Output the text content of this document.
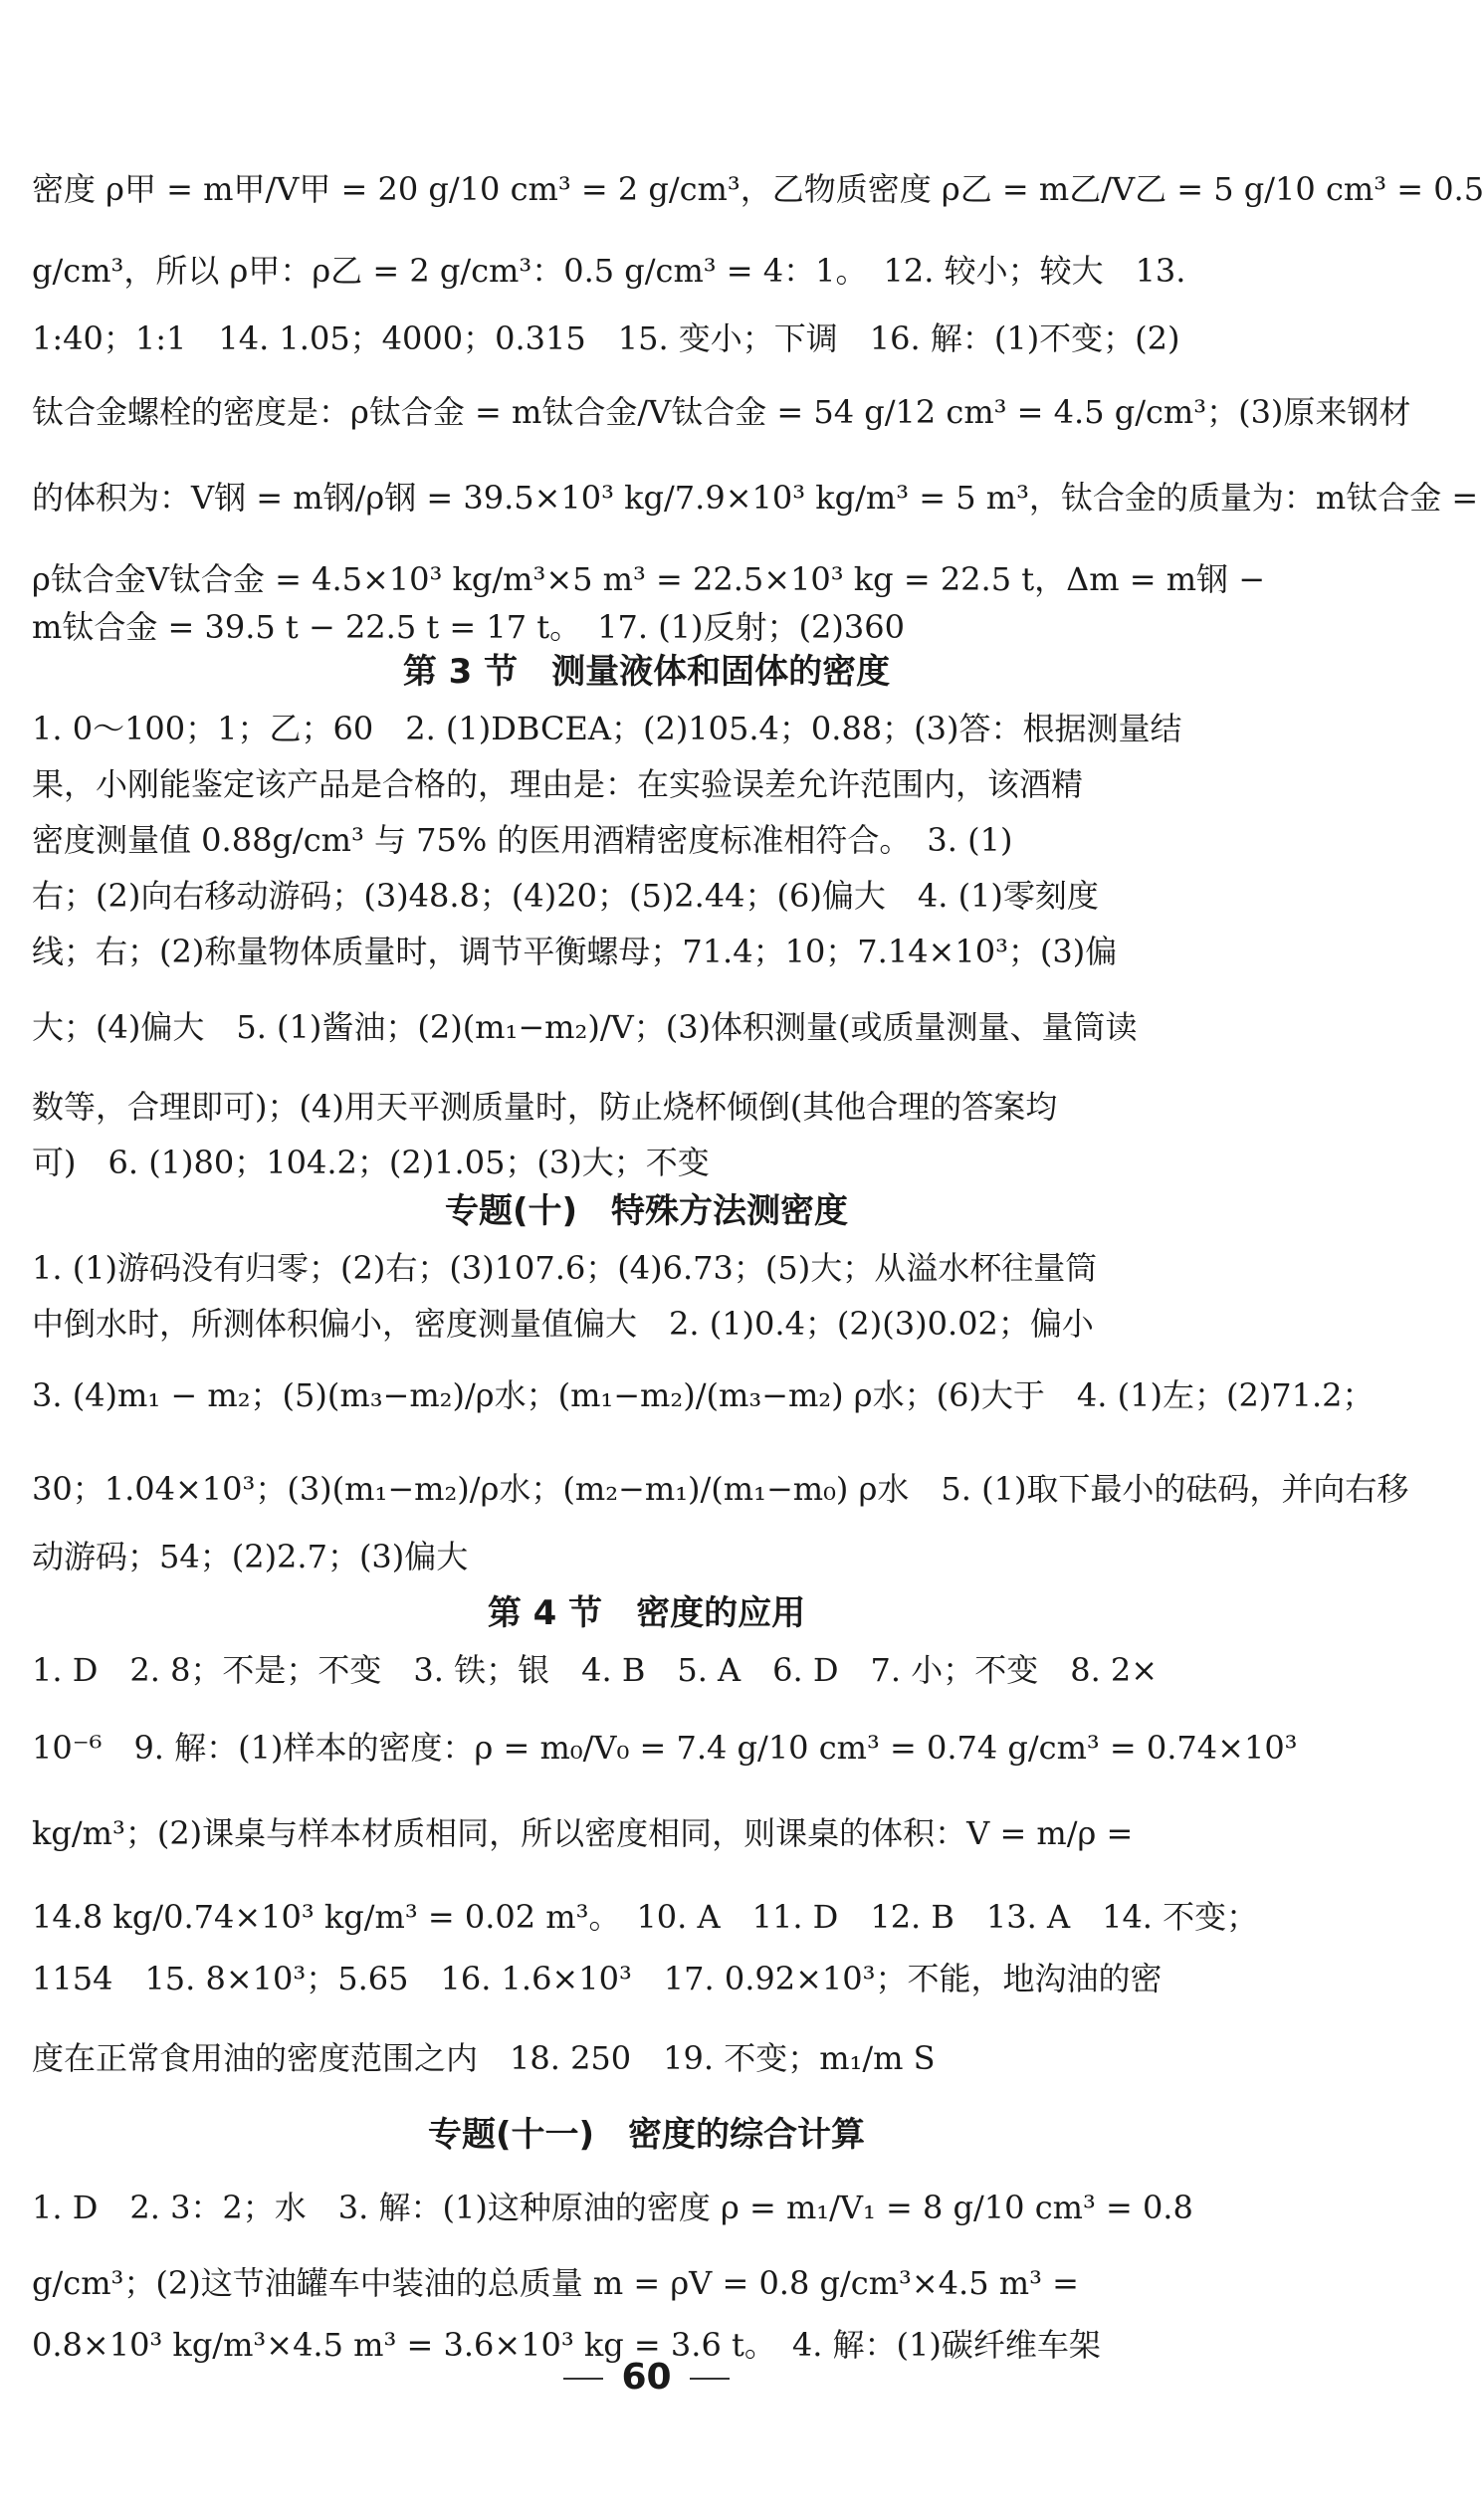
密度 ρ甲 = m甲/V甲 = 20 g/10 cm³ = 2 g/cm³，乙物质密度 ρ乙 = m乙/V乙 = 5 g/10 cm³ = 0.5
g/cm³，所以 ρ甲：ρ乙 = 2 g/cm³：0.5 g/cm³ = 4：1。　12. 较小；较大　13.
1:40；1:1　14. 1.05；4000；0.315　15. 变小；下调　16. 解：(1)不变；(2)
钛合金螺栓的密度是：ρ钛合金 = m钛合金/V钛合金 = 54 g/12 cm³ = 4.5 g/cm³；(3)原来钢材
的体积为：V钢 = m钢/ρ钢 = 39.5×10³ kg/7.9×10³ kg/m³ = 5 m³，钛合金的质量为：m钛合金 =
ρ钛合金V钛合金 = 4.5×10³ kg/m³×5 m³ = 22.5×10³ kg = 22.5 t，Δm = m钢 −
m钛合金 = 39.5 t − 22.5 t = 17 t。　17. (1)反射；(2)360
第 3 节　测量液体和固体的密度
1. 0～100；1；乙；60　2. (1)DBCEA；(2)105.4；0.88；(3)答：根据测量结
果，小刚能鉴定该产品是合格的，理由是：在实验误差允许范围内，该酒精
密度测量值 0.88g/cm³ 与 75% 的医用酒精密度标准相符合。　3. (1)
右；(2)向右移动游码；(3)48.8；(4)20；(5)2.44；(6)偏大　4. (1)零刻度
线；右；(2)称量物体质量时，调节平衡螺母；71.4；10；7.14×10³；(3)偏
大；(4)偏大　5. (1)酱油；(2)(m₁−m₂)/V；(3)体积测量(或质量测量、量筒读
数等，合理即可)；(4)用天平测质量时，防止烧杯倾倒(其他合理的答案均
可)　6. (1)80；104.2；(2)1.05；(3)大；不变
专题(十)　特殊方法测密度
1. (1)游码没有归零；(2)右；(3)107.6；(4)6.73；(5)大；从溢水杯往量筒
中倒水时，所测体积偏小，密度测量值偏大　2. (1)0.4；(2)(3)0.02；偏小
3. (4)m₁ − m₂；(5)(m₃−m₂)/ρ水；(m₁−m₂)/(m₃−m₂) ρ水；(6)大于　4. (1)左；(2)71.2；
30；1.04×10³；(3)(m₁−m₂)/ρ水；(m₂−m₁)/(m₁−m₀) ρ水　5. (1)取下最小的砝码，并向右移
动游码；54；(2)2.7；(3)偏大
第 4 节　密度的应用
1. D　2. 8；不是；不变　3. 铁；银　4. B　5. A　6. D　7. 小；不变　8. 2×
10⁻⁶　9. 解：(1)样本的密度：ρ = m₀/V₀ = 7.4 g/10 cm³ = 0.74 g/cm³ = 0.74×10³
kg/m³；(2)课桌与样本材质相同，所以密度相同，则课桌的体积：V = m/ρ =
14.8 kg/0.74×10³ kg/m³ = 0.02 m³。　10. A　11. D　12. B　13. A　14. 不变；
1154　15. 8×10³；5.65　16. 1.6×10³　17. 0.92×10³；不能，地沟油的密
度在正常食用油的密度范围之内　18. 250　19. 不变；m₁/m S
专题(十一)　密度的综合计算
1. D　2. 3：2；水　3. 解：(1)这种原油的密度 ρ = m₁/V₁ = 8 g/10 cm³ = 0.8
g/cm³；(2)这节油罐车中装油的总质量 m = ρV = 0.8 g/cm³×4.5 m³ =
0.8×10³ kg/m³×4.5 m³ = 3.6×10³ kg = 3.6 t。　4. 解：(1)碳纤维车架
60
